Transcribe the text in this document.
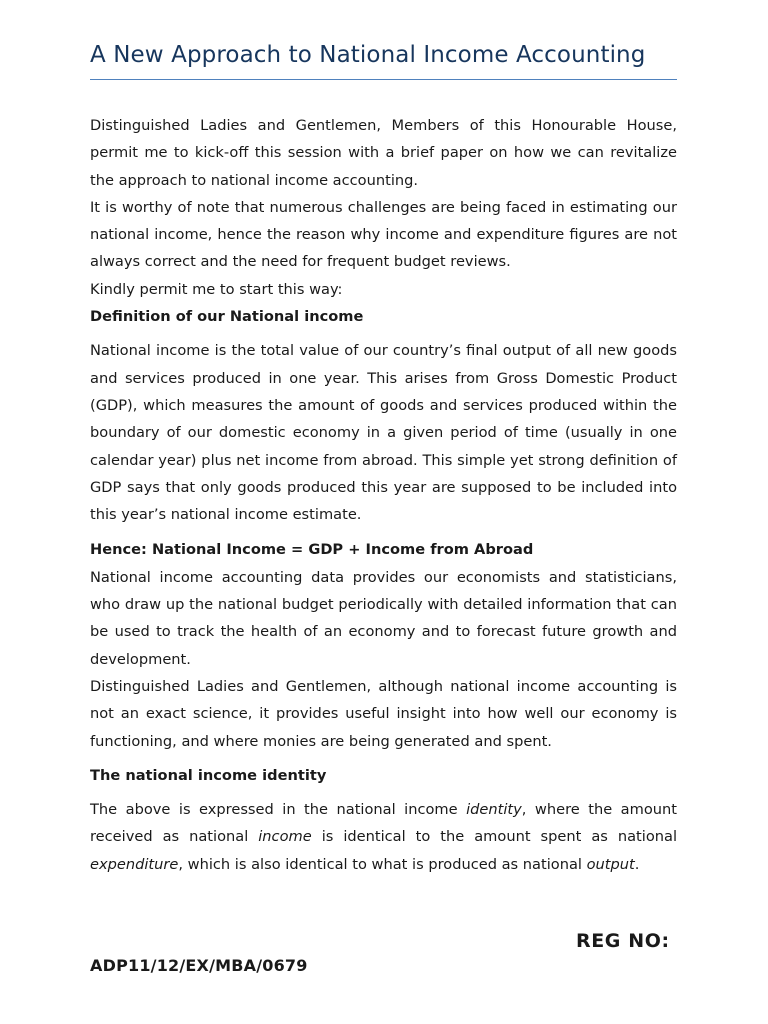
A New Approach to National Income Accounting

Distinguished Ladies and Gentlemen, Members of this Honourable House, permit me to kick-off this session with a brief paper on how we can revitalize the approach to national income accounting.

It is worthy of note that numerous challenges are being faced in estimating our national income, hence the reason why income and expenditure figures are not always correct and the need for frequent budget reviews.

Kindly permit me to start this way:

Definition of our National income

National income is the total value of our country’s final output of all new goods and services produced in one year. This arises from Gross Domestic Product (GDP), which measures the amount of goods and services produced within the boundary of our domestic economy in a given period of time (usually in one calendar year) plus net income from abroad. This simple yet strong definition of GDP says that only goods produced this year are supposed to be included into this year’s national income estimate.

Hence: National Income = GDP + Income from Abroad

National income accounting data provides our economists and statisticians, who draw up the national budget periodically with detailed information that can be used to track the health of an economy and to forecast future growth and development.

Distinguished Ladies and Gentlemen, although national income accounting is not an exact science, it provides useful insight into how well our economy is functioning, and where monies are being generated and spent.

The national income identity

The above is expressed in the national income identity, where the amount received as national income is identical to the amount spent as national expenditure, which is also identical to what is produced as national output.

REG NO:
ADP11/12/EX/MBA/0679
